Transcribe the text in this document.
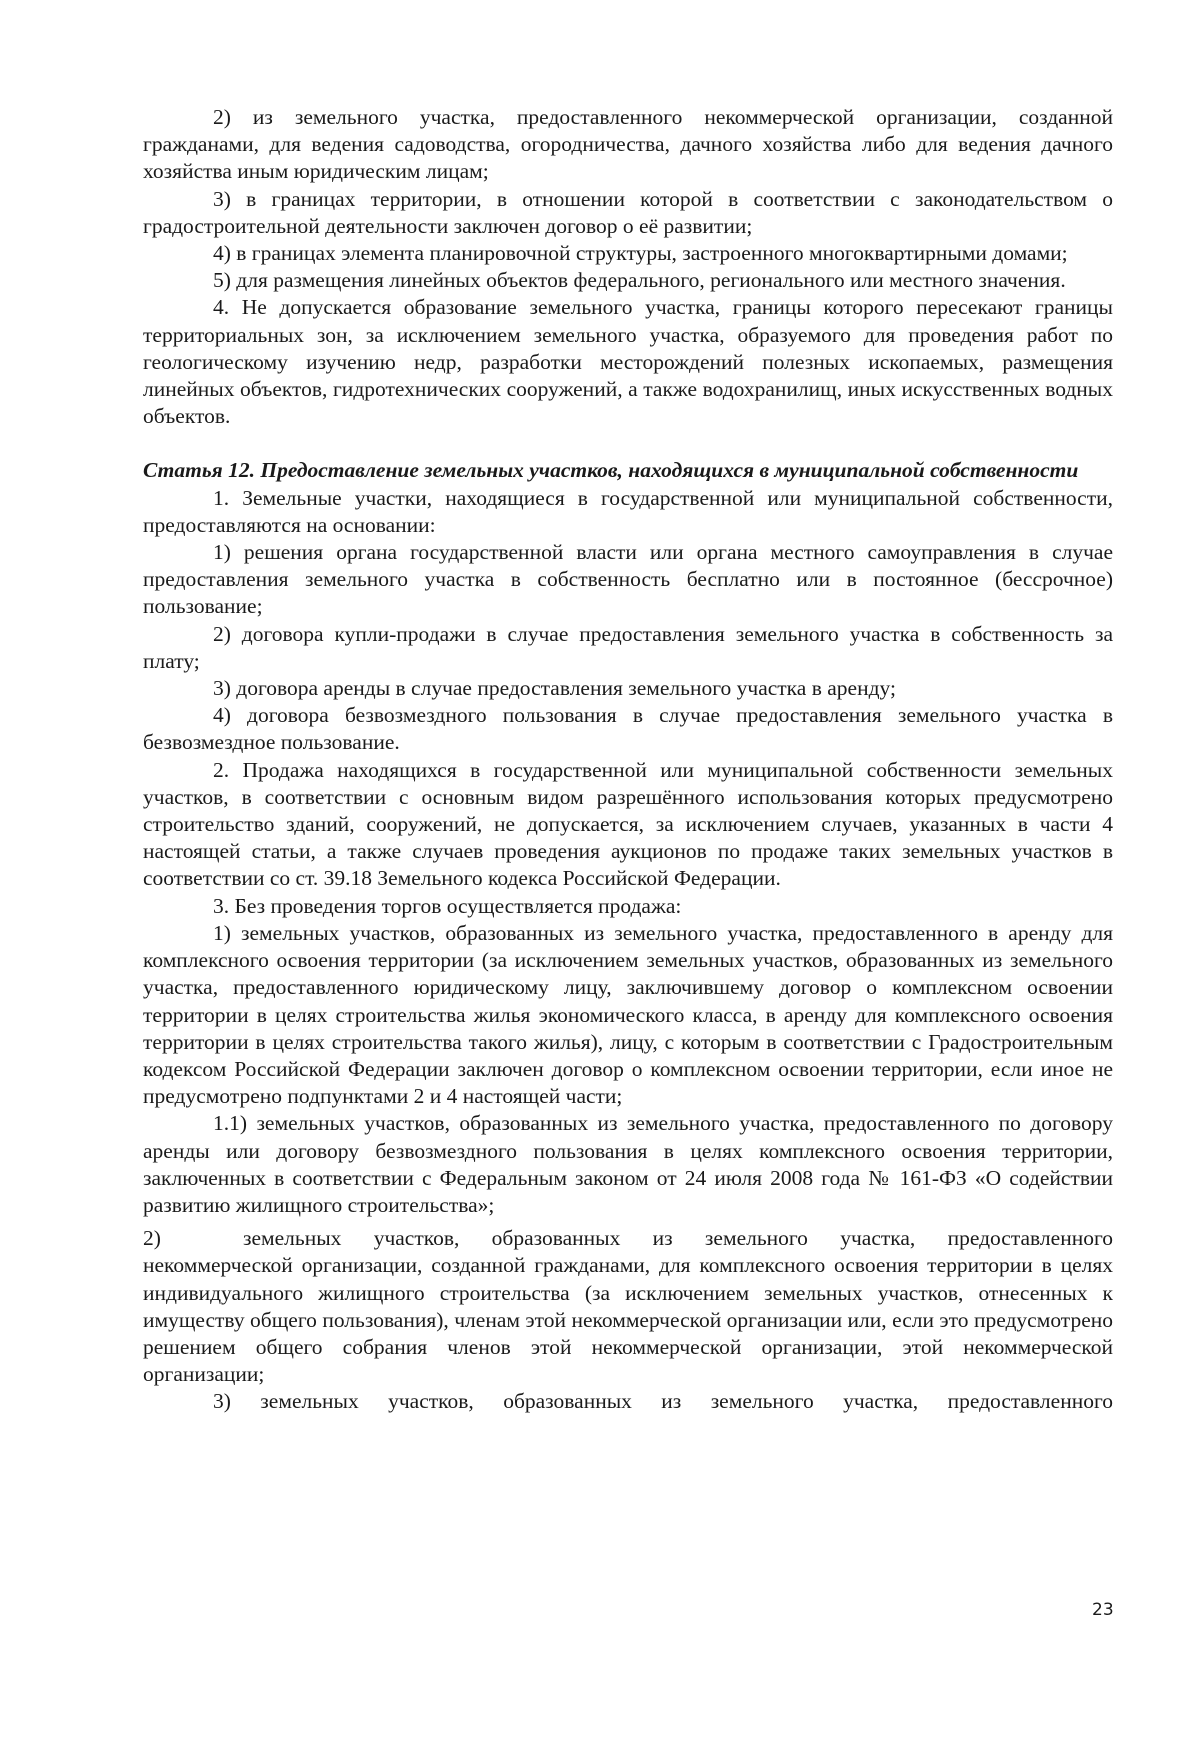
2) из земельного участка, предоставленного некоммерческой организации, созданной гражданами, для ведения садоводства, огородничества, дачного хозяйства либо для ведения дачного хозяйства иным юридическим лицам;

3) в границах территории, в отношении которой в соответствии с законодательством о градостроительной деятельности заключен договор о её развитии;

4) в границах элемента планировочной структуры, застроенного многоквартирными домами;

5) для размещения линейных объектов федерального, регионального или местного значения.

4. Не допускается образование земельного участка, границы которого пересекают границы территориальных зон, за исключением земельного участка, образуемого для проведения работ по геологическому изучению недр, разработки месторождений полезных ископаемых, размещения линейных объектов, гидротехнических сооружений, а также водохранилищ, иных искусственных водных объектов.

Статья 12. Предоставление земельных участков, находящихся в муниципальной собственности

1. Земельные участки, находящиеся в государственной или муниципальной собственности, предоставляются на основании:

1) решения органа государственной власти или органа местного самоуправления в случае предоставления земельного участка в собственность бесплатно или в постоянное (бессрочное) пользование;

2) договора купли-продажи в случае предоставления земельного участка в собственность за плату;

3) договора аренды в случае предоставления земельного участка в аренду;

4) договора безвозмездного пользования в случае предоставления земельного участка в безвозмездное пользование.

2. Продажа находящихся в государственной или муниципальной собственности земельных участков, в соответствии с основным видом разрешённого использования которых предусмотрено строительство зданий, сооружений, не допускается, за исключением случаев, указанных в части 4 настоящей статьи, а также случаев проведения аукционов по продаже таких земельных участков в соответствии со ст. 39.18 Земельного кодекса Российской Федерации.

3. Без проведения торгов осуществляется продажа:

1) земельных участков, образованных из земельного участка, предоставленного в аренду для комплексного освоения территории (за исключением земельных участков, образованных из земельного участка, предоставленного юридическому лицу, заключившему договор о комплексном освоении территории в целях строительства жилья экономического класса, в аренду для комплексного освоения территории в целях строительства такого жилья), лицу, с которым в соответствии с Градостроительным кодексом Российской Федерации заключен договор о комплексном освоении территории, если иное не предусмотрено подпунктами 2 и 4 настоящей части;

1.1) земельных участков, образованных из земельного участка, предоставленного по договору аренды или договору безвозмездного пользования в целях комплексного освоения территории, заключенных в соответствии с Федеральным законом от 24 июля 2008 года № 161-ФЗ «О содействии развитию жилищного строительства»;

2)	земельных участков, образованных из земельного участка, предоставленного

некоммерческой организации, созданной гражданами, для комплексного освоения территории в целях индивидуального жилищного строительства (за исключением земельных участков, отнесенных к имуществу общего пользования), членам этой некоммерческой организации или, если это предусмотрено решением общего собрания членов этой некоммерческой организации, этой некоммерческой организации;

3) земельных участков, образованных из земельного участка, предоставленного

23
